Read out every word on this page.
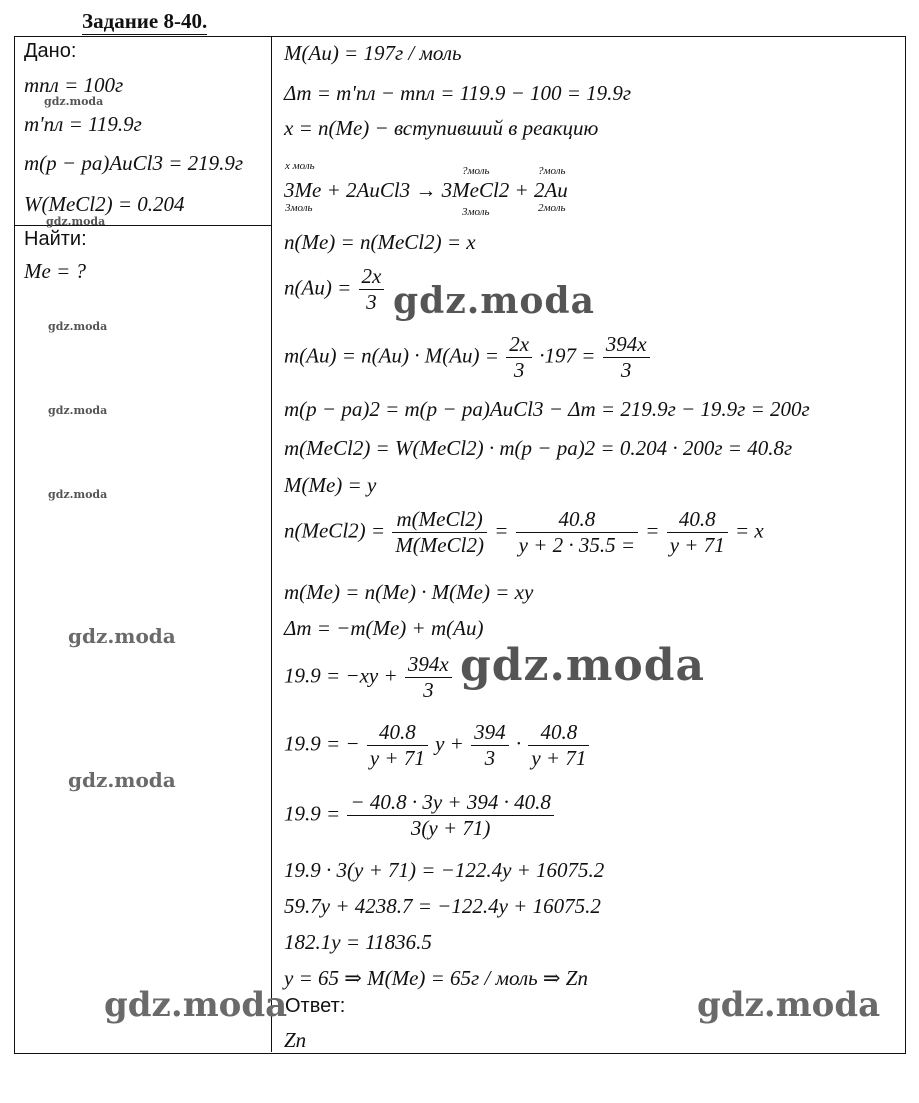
Задание 8-40.
Дано:
mпл = 100г
m'пл = 119.9г
m(p − pa)AuCl3 = 219.9г
W(MeCl2) = 0.204
Найти:
Me = ?
M(Au) = 197г / моль
Δm = m'пл − mпл = 119.9 − 100 = 19.9г
x = n(Me) − вступивший в реакцию
x моль	?моль	?моль
3Me + 2AuCl3 → 3MeCl2 + 2Au
3моль	3моль	2моль
n(Me) = n(MeCl2) = x
$n(Au) = \frac{2x}{3}$
$m(Au) = n(Au) \cdot M(Au) = \frac{2x}{3} \cdot 197 = \frac{394x}{3}$
m(p − pa)2 = m(p − pa)AuCl3 − Δm = 219.9г − 19.9г = 200г
m(MeCl2) = W(MeCl2) · m(p − pa)2 = 0.204 · 200г = 40.8г
M(Me) = y
n(MeCl2) = $\frac{\text{m(MeCl2)}}{\text{M(MeCl2)}} = \frac{40.8}{y + 2 \cdot 35.5 =} = \frac{40.8}{y + 71} = x$
m(Me) = n(Me) · M(Me) = xy
Δm = −m(Me) + m(Au)
$19.9 = -xy + \frac{394x}{3}$
19.9 = − $\frac{40.8}{y + 71}$ $y + \frac{394}{3} \cdot \frac{40.8}{y + 71}$
$19.9 = \frac{- 40.8 \cdot 3y + 394 \cdot 40.8}{3(y + 71)}$
19.9 · 3(y + 71) = −122.4y + 16075.2
59.7y + 4238.7 = −122.4y + 16075.2
182.1y = 11836.5
y = 65 ⇒ M(Me) = 65г / моль ⇒ Zn
Ответ:
Zn
gdz.moda
gdz.moda
gdz.moda
gdz.moda
gdz.moda
gdz.moda
gdz.moda
gdz.moda
gdz.moda
gdz.moda	gdz.moda
